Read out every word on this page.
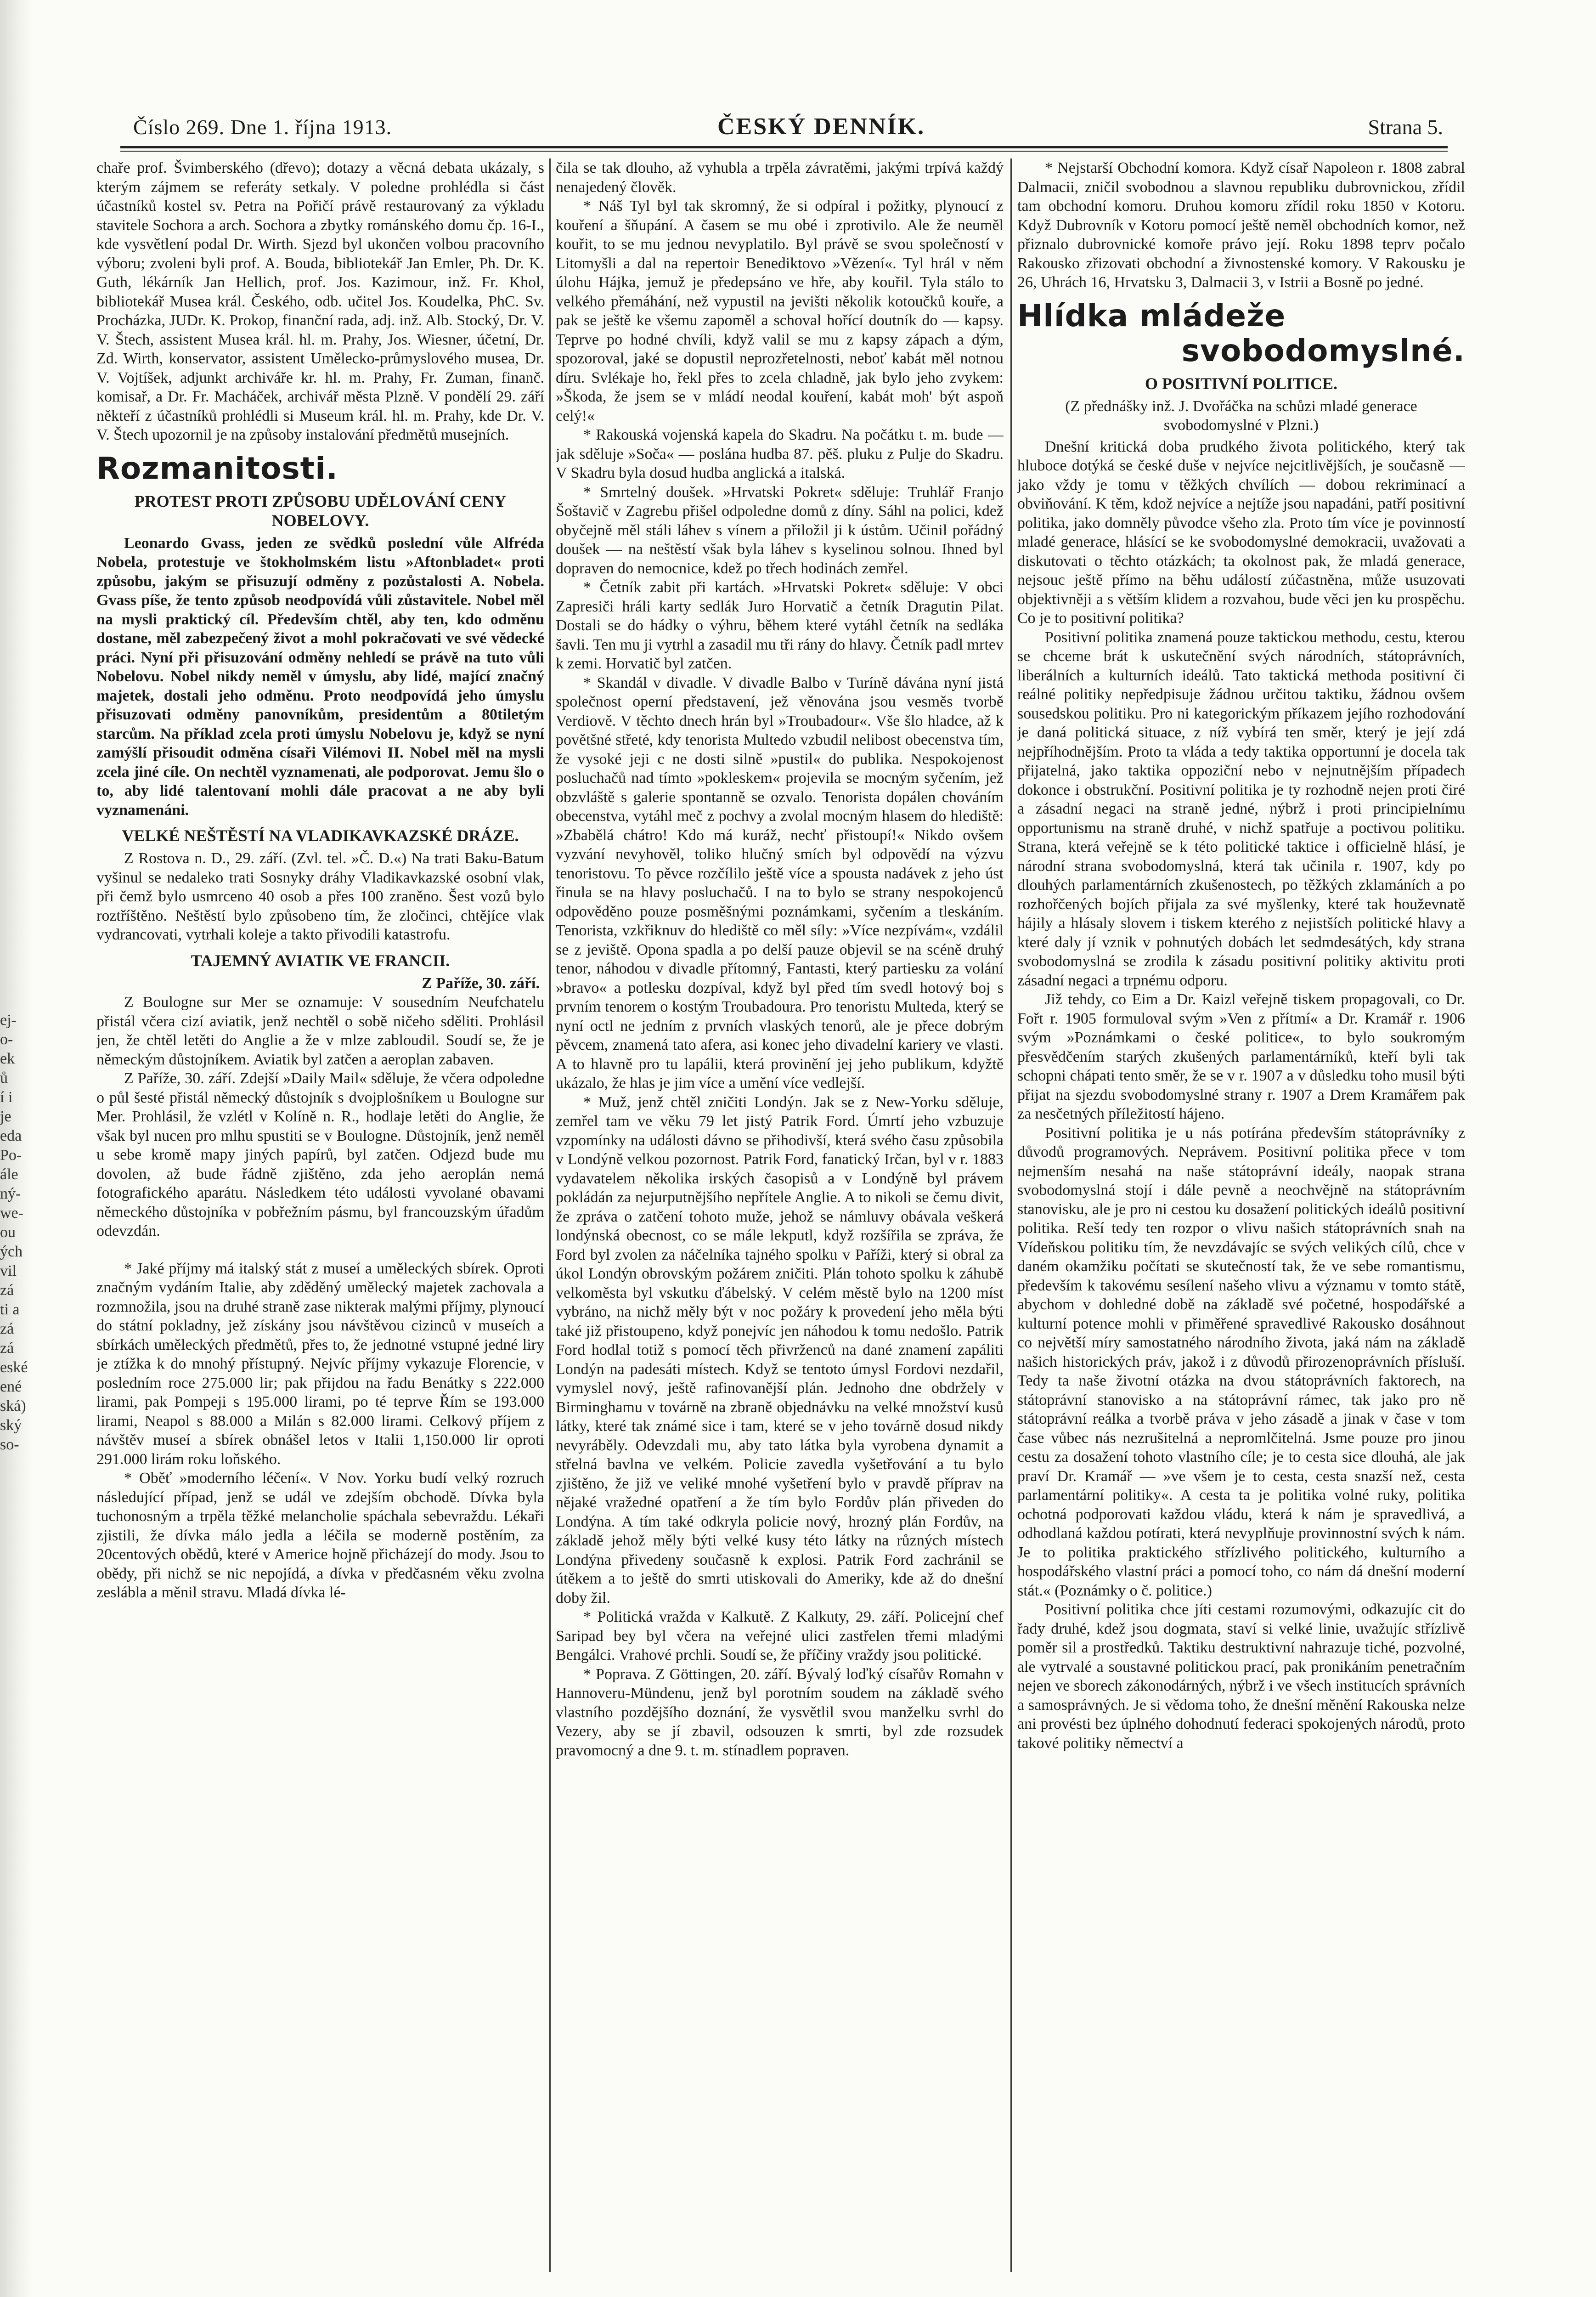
ej-
o-
ek
ů
í i
je
eda
Po-
ále
ný-
we-
ou
ých
vil
zá
ti a
zá
zá
eské
ené
ská)
ský
so-
Číslo 269. Dne 1. října 1913.	ČESKÝ DENNÍK.	Strana 5.

chaře prof. Švimberského (dřevo); dotazy a věcná debata ukázaly, s kterým zájmem se referáty setkaly. V poledne prohlédla si část účastníků kostel sv. Petra na Pořičí právě restaurovaný za výkladu stavitele Sochora a arch. Sochora a zbytky románského domu čp. 16-I., kde vysvětlení podal Dr. Wirth. Sjezd byl ukončen volbou pracovního výboru; zvoleni byli prof. A. Bouda, bibliotekář Jan Emler, Ph. Dr. K. Guth, lékárník Jan Hellich, prof. Jos. Kazimour, inž. Fr. Khol, bibliotekář Musea král. Českého, odb. učitel Jos. Koudelka, PhC. Sv. Procházka, JUDr. K. Prokop, finanční rada, adj. inž. Alb. Stocký, Dr. V. V. Štech, assistent Musea král. hl. m. Prahy, Jos. Wiesner, účetní, Dr. Zd. Wirth, konservator, assistent Umělecko-průmyslového musea, Dr. V. Vojtíšek, adjunkt archiváře kr. hl. m. Prahy, Fr. Zuman, finanč. komisař, a Dr. Fr. Macháček, archivář města Plzně. V pondělí 29. září někteří z účastníků prohlédli si Museum král. hl. m. Prahy, kde Dr. V. V. Štech upozornil je na způsoby instalování předmětů musejních.

Rozmanitosti.
PROTEST PROTI ZPŮSOBU UDĚLOVÁNÍ CENY NOBELOVY.

Leonardo Gvass, jeden ze svědků poslední vůle Alfréda Nobela, protestuje ve štokholmském listu »Aftonbladet« proti způsobu, jakým se přisuzují odměny z pozůstalosti A. Nobela. Gvass píše, že tento způsob neodpovídá vůli zůstavitele. Nobel měl na mysli praktický cíl. Především chtěl, aby ten, kdo odměnu dostane, měl zabezpečený život a mohl pokračovati ve své vědecké práci. Nyní při přisuzování odměny nehledí se právě na tuto vůli Nobelovu. Nobel nikdy neměl v úmyslu, aby lidé, mající značný majetek, dostali jeho odměnu. Proto neodpovídá jeho úmyslu přisuzovati odměny panovníkům, presidentům a 80tiletým starcům. Na příklad zcela proti úmyslu Nobelovu je, když se nyní zamýšlí přisoudit odměna císaři Vilémovi II. Nobel měl na mysli zcela jiné cíle. On nechtěl vyznamenati, ale podporovat. Jemu šlo o to, aby lidé talentovaní mohli dále pracovat a ne aby byli vyznamenáni.

VELKÉ NEŠTĚSTÍ NA VLADIKAVKAZSKÉ DRÁZE.

Z Rostova n. D., 29. září. (Zvl. tel. »Č. D.«) Na trati Baku-Batum vyšinul se nedaleko trati Sosnyky dráhy Vladikavkazské osobní vlak, při čemž bylo usmrceno 40 osob a přes 100 zraněno. Šest vozů bylo roztříštěno. Neštěstí bylo způsobeno tím, že zločinci, chtějíce vlak vydrancovati, vytrhali koleje a takto přivodili katastrofu.

TAJEMNÝ AVIATIK VE FRANCII.
Z Paříže, 30. září.

Z Boulogne sur Mer se oznamuje: V sousedním Neufchatelu přistál včera cizí aviatik, jenž nechtěl o sobě ničeho sděliti. Prohlásil jen, že chtěl letěti do Anglie a že v mlze zabloudil. Soudí se, že je německým důstojníkem. Aviatik byl zatčen a aeroplan zabaven.

Z Paříže, 30. září. Zdejší »Daily Mail« sděluje, že včera odpoledne o půl šesté přistál německý důstojník s dvojplošníkem u Boulogne sur Mer. Prohlásil, že vzlétl v Kolíně n. R., hodlaje letěti do Anglie, že však byl nucen pro mlhu spustiti se v Boulogne. Důstojník, jenž neměl u sebe kromě mapy jiných papírů, byl zatčen. Odjezd bude mu dovolen, až bude řádně zjištěno, zda jeho aeroplán nemá fotografického aparátu. Následkem této události vyvolané obavami německého důstojníka v pobřežním pásmu, byl francouzským úřadům odevzdán.

* Jaké příjmy má italský stát z museí a uměleckých sbírek. Oproti značným vydáním Italie, aby zděděný umělecký majetek zachovala a rozmnožila, jsou na druhé straně zase nikterak malými příjmy, plynoucí do státní pokladny, jež získány jsou návštěvou cizinců v museích a sbírkách uměleckých předmětů, přes to, že jednotné vstupné jedné liry je ztížka k do mnohý přístupný. Nejvíc příjmy vykazuje Florencie, v posledním roce 275.000 lir; pak přijdou na řadu Benátky s 222.000 lirami, pak Pompeji s 195.000 lirami, po té teprve Řím se 193.000 lirami, Neapol s 88.000 a Milán s 82.000 lirami. Celkový příjem z návštěv museí a sbírek obnášel letos v Italii 1,150.000 lir oproti 291.000 lirám roku loňského.

* Oběť »moderního léčení«. V Nov. Yorku budí velký rozruch následující případ, jenž se udál ve zdejším obchodě. Dívka byla tuchonosným a trpěla těžké melancholie spáchala sebevraždu. Lékaři zjistili, že dívka málo jedla a léčila se moderně postěním, za 20centových obědů, které v Americe hojně přicházejí do mody. Jsou to obědy, při nichž se nic nepojídá, a dívka v předčasném věku zvolna zeslábla a měnil stravu. Mladá dívka lé-

čila se tak dlouho, až vyhubla a trpěla závratěmi, jakými trpívá každý nenajedený člověk.

* Náš Tyl byl tak skromný, že si odpíral i požitky, plynoucí z kouření a šňupání. A časem se mu obé i zprotivilo. Ale že neuměl kouřit, to se mu jednou nevyplatilo. Byl právě se svou společností v Litomyšli a dal na repertoir Benediktovo »Vězení«. Tyl hrál v něm úlohu Hájka, jemuž je předepsáno ve hře, aby kouřil. Tyla stálo to velkého přemáhání, než vypustil na jevišti několik kotoučků kouře, a pak se ještě ke všemu zapoměl a schoval hořící doutník do — kapsy. Teprve po hodné chvíli, když valil se mu z kapsy zápach a dým, spozoroval, jaké se dopustil neprozřetelnosti, neboť kabát měl notnou díru. Svlékaje ho, řekl přes to zcela chladně, jak bylo jeho zvykem: »Škoda, že jsem se v mládí neodal kouření, kabát moh' být aspoň celý!«

* Rakouská vojenská kapela do Skadru. Na počátku t. m. bude — jak sděluje »Soča« — poslána hudba 87. pěš. pluku z Pulje do Skadru. V Skadru byla dosud hudba anglická a italská.

* Smrtelný doušek. »Hrvatski Pokret« sděluje: Truhlář Franjo Šoštavič v Zagrebu přišel odpoledne domů z díny. Sáhl na polici, kdež obyčejně měl stáli láhev s vínem a přiložil ji k ústům. Učinil pořádný doušek — na neštěstí však byla láhev s kyselinou solnou. Ihned byl dopraven do nemocnice, kdež po třech hodinách zemřel.

* Četník zabit při kartách. »Hrvatski Pokret« sděluje: V obci Zapresiči hráli karty sedlák Juro Horvatič a četník Dragutin Pilat. Dostali se do hádky o výhru, během které vytáhl četník na sedláka šavli. Ten mu ji vytrhl a zasadil mu tři rány do hlavy. Četník padl mrtev k zemi. Horvatič byl zatčen.

* Skandál v divadle. V divadle Balbo v Turíně dávána nyní jistá společnost operní představení, jež věnována jsou vesměs tvorbě Verdiově. V těchto dnech hrán byl »Troubadour«. Vše šlo hladce, až k povětšné střeté, kdy tenorista Multedo vzbudil nelibost obecenstva tím, že vysoké jeji c ne dosti silně »pustil« do publika. Nespokojenost posluchačů nad tímto »pokleskem« projevila se mocným syčením, jež obzvláště s galerie spontanně se ozvalo. Tenorista dopálen chováním obecenstva, vytáhl meč z pochvy a zvolal mocným hlasem do hlediště: »Zbabělá chátro! Kdo má kuráž, nechť přistoupí!« Nikdo ovšem vyzvání nevyhověl, toliko hlučný smích byl odpovědí na výzvu tenoristovu. To pěvce rozčílilo ještě více a spousta nadávek z jeho úst řinula se na hlavy posluchačů. I na to bylo se strany nespokojenců odpověděno pouze posměšnými poznámkami, syčením a tleskáním. Tenorista, vzkřiknuv do hlediště co měl síly: »Více nezpívám«, vzdálil se z jeviště. Opona spadla a po delší pauze objevil se na scéně druhý tenor, náhodou v divadle přítomný, Fantasti, který partiesku za volání »bravo« a potlesku dozpíval, když byl před tím svedl hotový boj s prvním tenorem o kostým Troubadoura. Pro tenoristu Multeda, který se nyní octl ne jedním z prvních vlaských tenorů, ale je přece dobrým pěvcem, znamená tato afera, asi konec jeho divadelní kariery ve vlasti. A to hlavně pro tu lapálii, která provinění jej jeho publikum, kdyžtě ukázalo, že hlas je jim více a umění více vedlejší.

* Muž, jenž chtěl zničiti Londýn. Jak se z New-Yorku sděluje, zemřel tam ve věku 79 let jistý Patrik Ford. Úmrtí jeho vzbuzuje vzpomínky na události dávno se přihodivší, která svého času způsobila v Londýně velkou pozornost. Patrik Ford, fanatický Irčan, byl v r. 1883 vydavatelem několika irských časopisů a v Londýně byl právem pokládán za nejurputnějšího nepřítele Anglie. A to nikoli se čemu divit, že zpráva o zatčení tohoto muže, jehož se námluvy obávala veškerá londýnská obecnost, co se mále lekputl, když rozšířila se zpráva, že Ford byl zvolen za náčelníka tajného spolku v Paříži, který si obral za úkol Londýn obrovským požárem zničiti. Plán tohoto spolku k záhubě velkoměsta byl vskutku ďábelský. V celém městě bylo na 1200 míst vybráno, na nichž měly být v noc požáry k provedení jeho měla býti také již přistoupeno, když ponejvíc jen náhodou k tomu nedošlo. Patrik Ford hodlal totiž s pomocí těch přivrženců na dané znamení zapáliti Londýn na padesáti místech. Když se tentoto úmysl Fordovi nezdařil, vymyslel nový, ještě rafinovanější plán. Jednoho dne obdržely v Birminghamu v továrně na zbraně objednávku na velké množství kusů látky, které tak známé sice i tam, které se v jeho továrně dosud nikdy nevyráběly. Odevzdali mu, aby tato látka byla vyrobena dynamit a střelná bavlna ve velkém. Policie zavedla vyšetřování a tu bylo zjištěno, že již ve veliké mnohé vyšetření bylo v pravdě příprav na nějaké vražedné opatření a že tím bylo Fordův plán přiveden do Londýna. A tím také odkryla policie nový, hrozný plán Fordův, na základě jehož měly býti velké kusy této látky na různých místech Londýna přivedeny současně k explosi. Patrik Ford zachránil se útěkem a to ještě do smrti utiskovali do Ameriky, kde až do dnešní doby žil.

* Politická vražda v Kalkutě. Z Kalkuty, 29. září. Policejní chef Saripad bey byl včera na veřejné ulici zastřelen třemi mladými Bengálci. Vrahové prchli. Soudí se, že příčiny vraždy jsou politické.

* Poprava. Z Göttingen, 20. září. Bývalý loďký císařův Romahn v Hannoveru-Mündenu, jenž byl porotním soudem na základě svého vlastního pozdějšího doznání, že vysvětlil svou manželku svrhl do Vezery, aby se jí zbavil, odsouzen k smrti, byl zde rozsudek pravomocný a dne 9. t. m. stínadlem popraven.

* Nejstarší Obchodní komora. Když císař Napoleon r. 1808 zabral Dalmacii, zničil svobodnou a slavnou republiku dubrovnickou, zřídil tam obchodní komoru. Druhou komoru zřídil roku 1850 v Kotoru. Když Dubrovník v Kotoru pomocí ještě neměl obchodních komor, než přiznalo dubrovnické komoře právo její. Roku 1898 teprv počalo Rakousko zřizovati obchodní a živnostenské komory. V Rakousku je 26, Uhrách 16, Hrvatsku 3, Dalmacii 3, v Istrii a Bosně po jedné.

Hlídka mládeže
svobodomyslné.
O POSITIVNÍ POLITICE.
(Z přednášky inž. J. Dvořáčka na schůzi mladé generace svobodomyslné v Plzni.)

Dnešní kritická doba prudkého života politického, který tak hluboce dotýká se české duše v nejvíce nejcitlivějších, je současně — jako vždy je tomu v těžkých chvílích — dobou rekriminací a obviňování. K těm, kdož nejvíce a nejtíže jsou napadáni, patří positivní politika, jako domněly původce všeho zla. Proto tím více je povinností mladé generace, hlásící se ke svobodomyslné demokracii, uvažovati a diskutovati o těchto otázkách; ta okolnost pak, že mladá generace, nejsouc ještě přímo na běhu událostí zúčastněna, může usuzovati objektivněji a s větším klidem a rozvahou, bude věci jen ku prospěchu. Co je to positivní politika?

Positivní politika znamená pouze taktickou methodu, cestu, kterou se chceme brát k uskutečnění svých národních, státoprávních, liberálních a kulturních ideálů. Tato taktická methoda positivní či reálné politiky nepředpisuje žádnou určitou taktiku, žádnou ovšem sousedskou politiku. Pro ni kategorickým příkazem jejího rozhodování je daná politická situace, z níž vybírá ten směr, který je její zdá nejpříhodnějším. Proto ta vláda a tedy taktika opportunní je docela tak přijatelná, jako taktika oppoziční nebo v nejnutnějším případech dokonce i obstrukční. Positivní politika je ty rozhodně nejen proti čiré a zásadní negaci na straně jedné, nýbrž i proti principielnímu opportunismu na straně druhé, v nichž spatřuje a poctivou politiku. Strana, která veřejně se k této politické taktice i officielně hlásí, je národní strana svobodomyslná, která tak učinila r. 1907, kdy po dlouhých parlamentárních zkušenostech, po těžkých zklamáních a po rozhořčených bojích přijala za své myšlenky, které tak houževnatě hájily a hlásaly slovem i tiskem kterého z nejistších politické hlavy a které daly jí vznik v pohnutých dobách let sedmdesátých, kdy strana svobodomyslná se zrodila k zásadu positivní politiky aktivitu proti zásadní negaci a trpnému odporu.

Již tehdy, co Eim a Dr. Kaizl veřejně tiskem propagovali, co Dr. Fořt r. 1905 formuloval svým »Ven z přítmí« a Dr. Kramář r. 1906 svým »Poznámkami o české politice«, to bylo soukromým přesvědčením starých zkušených parlamentárníků, kteří byli tak schopni chápati tento směr, že se v r. 1907 a v důsledku toho musil býti přijat na sjezdu svobodomyslné strany r. 1907 a Drem Kramářem pak za nesčetných příležitostí hájeno.

Positivní politika je u nás potírána především státoprávníky z důvodů programových. Neprávem. Positivní politika přece v tom nejmenším nesahá na naše státoprávní ideály, naopak strana svobodomyslná stojí i dále pevně a neochvějně na státoprávním stanovisku, ale je pro ni cestou ku dosažení politických ideálů positivní politika. Reší tedy ten rozpor o vlivu našich státoprávních snah na Vídeňskou politiku tím, že nevzdávajíc se svých velikých cílů, chce v daném okamžiku počítati se skutečností tak, že ve sebe romantismu, především k takovému sesílení našeho vlivu a významu v tomto státě, abychom v dohledné době na základě své početné, hospodářské a kulturní potence mohli v přiměřené spravedlivé Rakousko dosáhnout co největší míry samostatného národního života, jaká nám na základě našich historických práv, jakož i z důvodů přirozenoprávních přísluší. Tedy ta naše životní otázka na dvou státoprávních faktorech, na státoprávní stanovisko a na státoprávní rámec, tak jako pro ně státoprávní reálka a tvorbě práva v jeho zásadě a jinak v čase v tom čase vůbec nás nezrušitelná a nepromlčitelná. Jsme pouze pro jinou cestu za dosažení tohoto vlastního cíle; je to cesta sice dlouhá, ale jak praví Dr. Kramář — »ve všem je to cesta, cesta snazší než, cesta parlamentární politiky«. A cesta ta je politika volné ruky, politika ochotná podporovati každou vládu, která k nám je spravedlivá, a odhodlaná každou potírati, která nevyplňuje provinnostní svých k nám. Je to politika praktického střízlivého politického, kulturního a hospodářského vlastní práci a pomocí toho, co nám dá dnešní moderní stát.« (Poznámky o č. politice.)

Positivní politika chce jíti cestami rozumovými, odkazujíc cit do řady druhé, kdež jsou dogmata, staví si velké linie, uvažujíc střízlivě poměr sil a prostředků. Taktiku destruktivní nahrazuje tiché, pozvolné, ale vytrvalé a soustavné politickou prací, pak pronikáním penetračním nejen ve sborech zákonodárných, nýbrž i ve všech institucích správních a samosprávných. Je si vědoma toho, že dnešní měnění Rakouska nelze ani provésti bez úplného dohodnutí federaci spokojených národů, proto takové politiky němectví a
